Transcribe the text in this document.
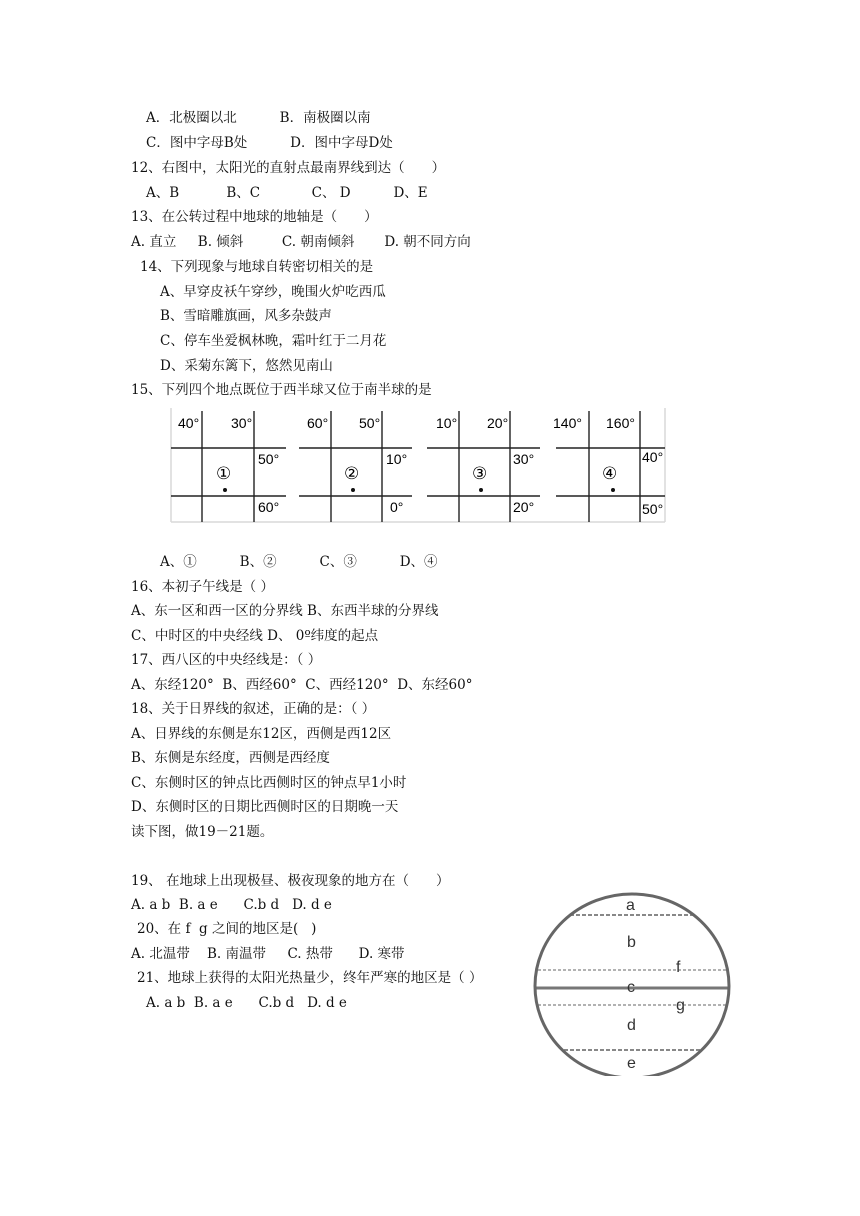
A．北极圈以北          B．南极圈以南
C．图中字母B处          D．图中字母D处
12、右图中，太阳光的直射点最南界线到达（　　）
A、B           B、C            C、 D          D、E
13、在公转过程中地球的地轴是（　　）
A. 直立     B. 倾斜         C. 朝南倾斜       D. 朝不同方向
14、下列现象与地球自转密切相关的是
A、早穿皮袄午穿纱，晚围火炉吃西瓜
B、雪暗雕旗画，风多杂鼓声
C、停车坐爱枫林晚，霜叶红于二月花
D、采菊东篱下，悠然见南山
15、下列四个地点既位于西半球又位于南半球的是
40° 30°
50°
60°
①
60° 50°
10°
0°
②
10° 20°
30°
20°
③
140° 160°
40°
50°
④
A、①          B、②          C、③          D、④
16、本初子午线是（ ）
A、东一区和西一区的分界线 B、东西半球的分界线
C、中时区的中央经线 D、 0º纬度的起点
17、西八区的中央经线是：（ ）
A、东经120°  B、西经60°  C、西经120°  D、东经60°
18、关于日界线的叙述，正确的是：（ ）
A、日界线的东侧是东12区，西侧是西12区
B、东侧是东经度，西侧是西经度
C、东侧时区的钟点比西侧时区的钟点早1小时
D、东侧时区的日期比西侧时区的日期晚一天
读下图，做19－21题。
19、 在地球上出现极昼、极夜现象的地方在（　　）
A. a b  B. a e      C.b d   D. d e
20、在 f  g 之间的地区是(   )
A. 北温带    B. 南温带     C. 热带      D. 寒带
21、地球上获得的太阳光热量少，终年严寒的地区是（ ）
A. a b  B. a e      C.b d   D. d e
a
b
f
c
g
d
e
